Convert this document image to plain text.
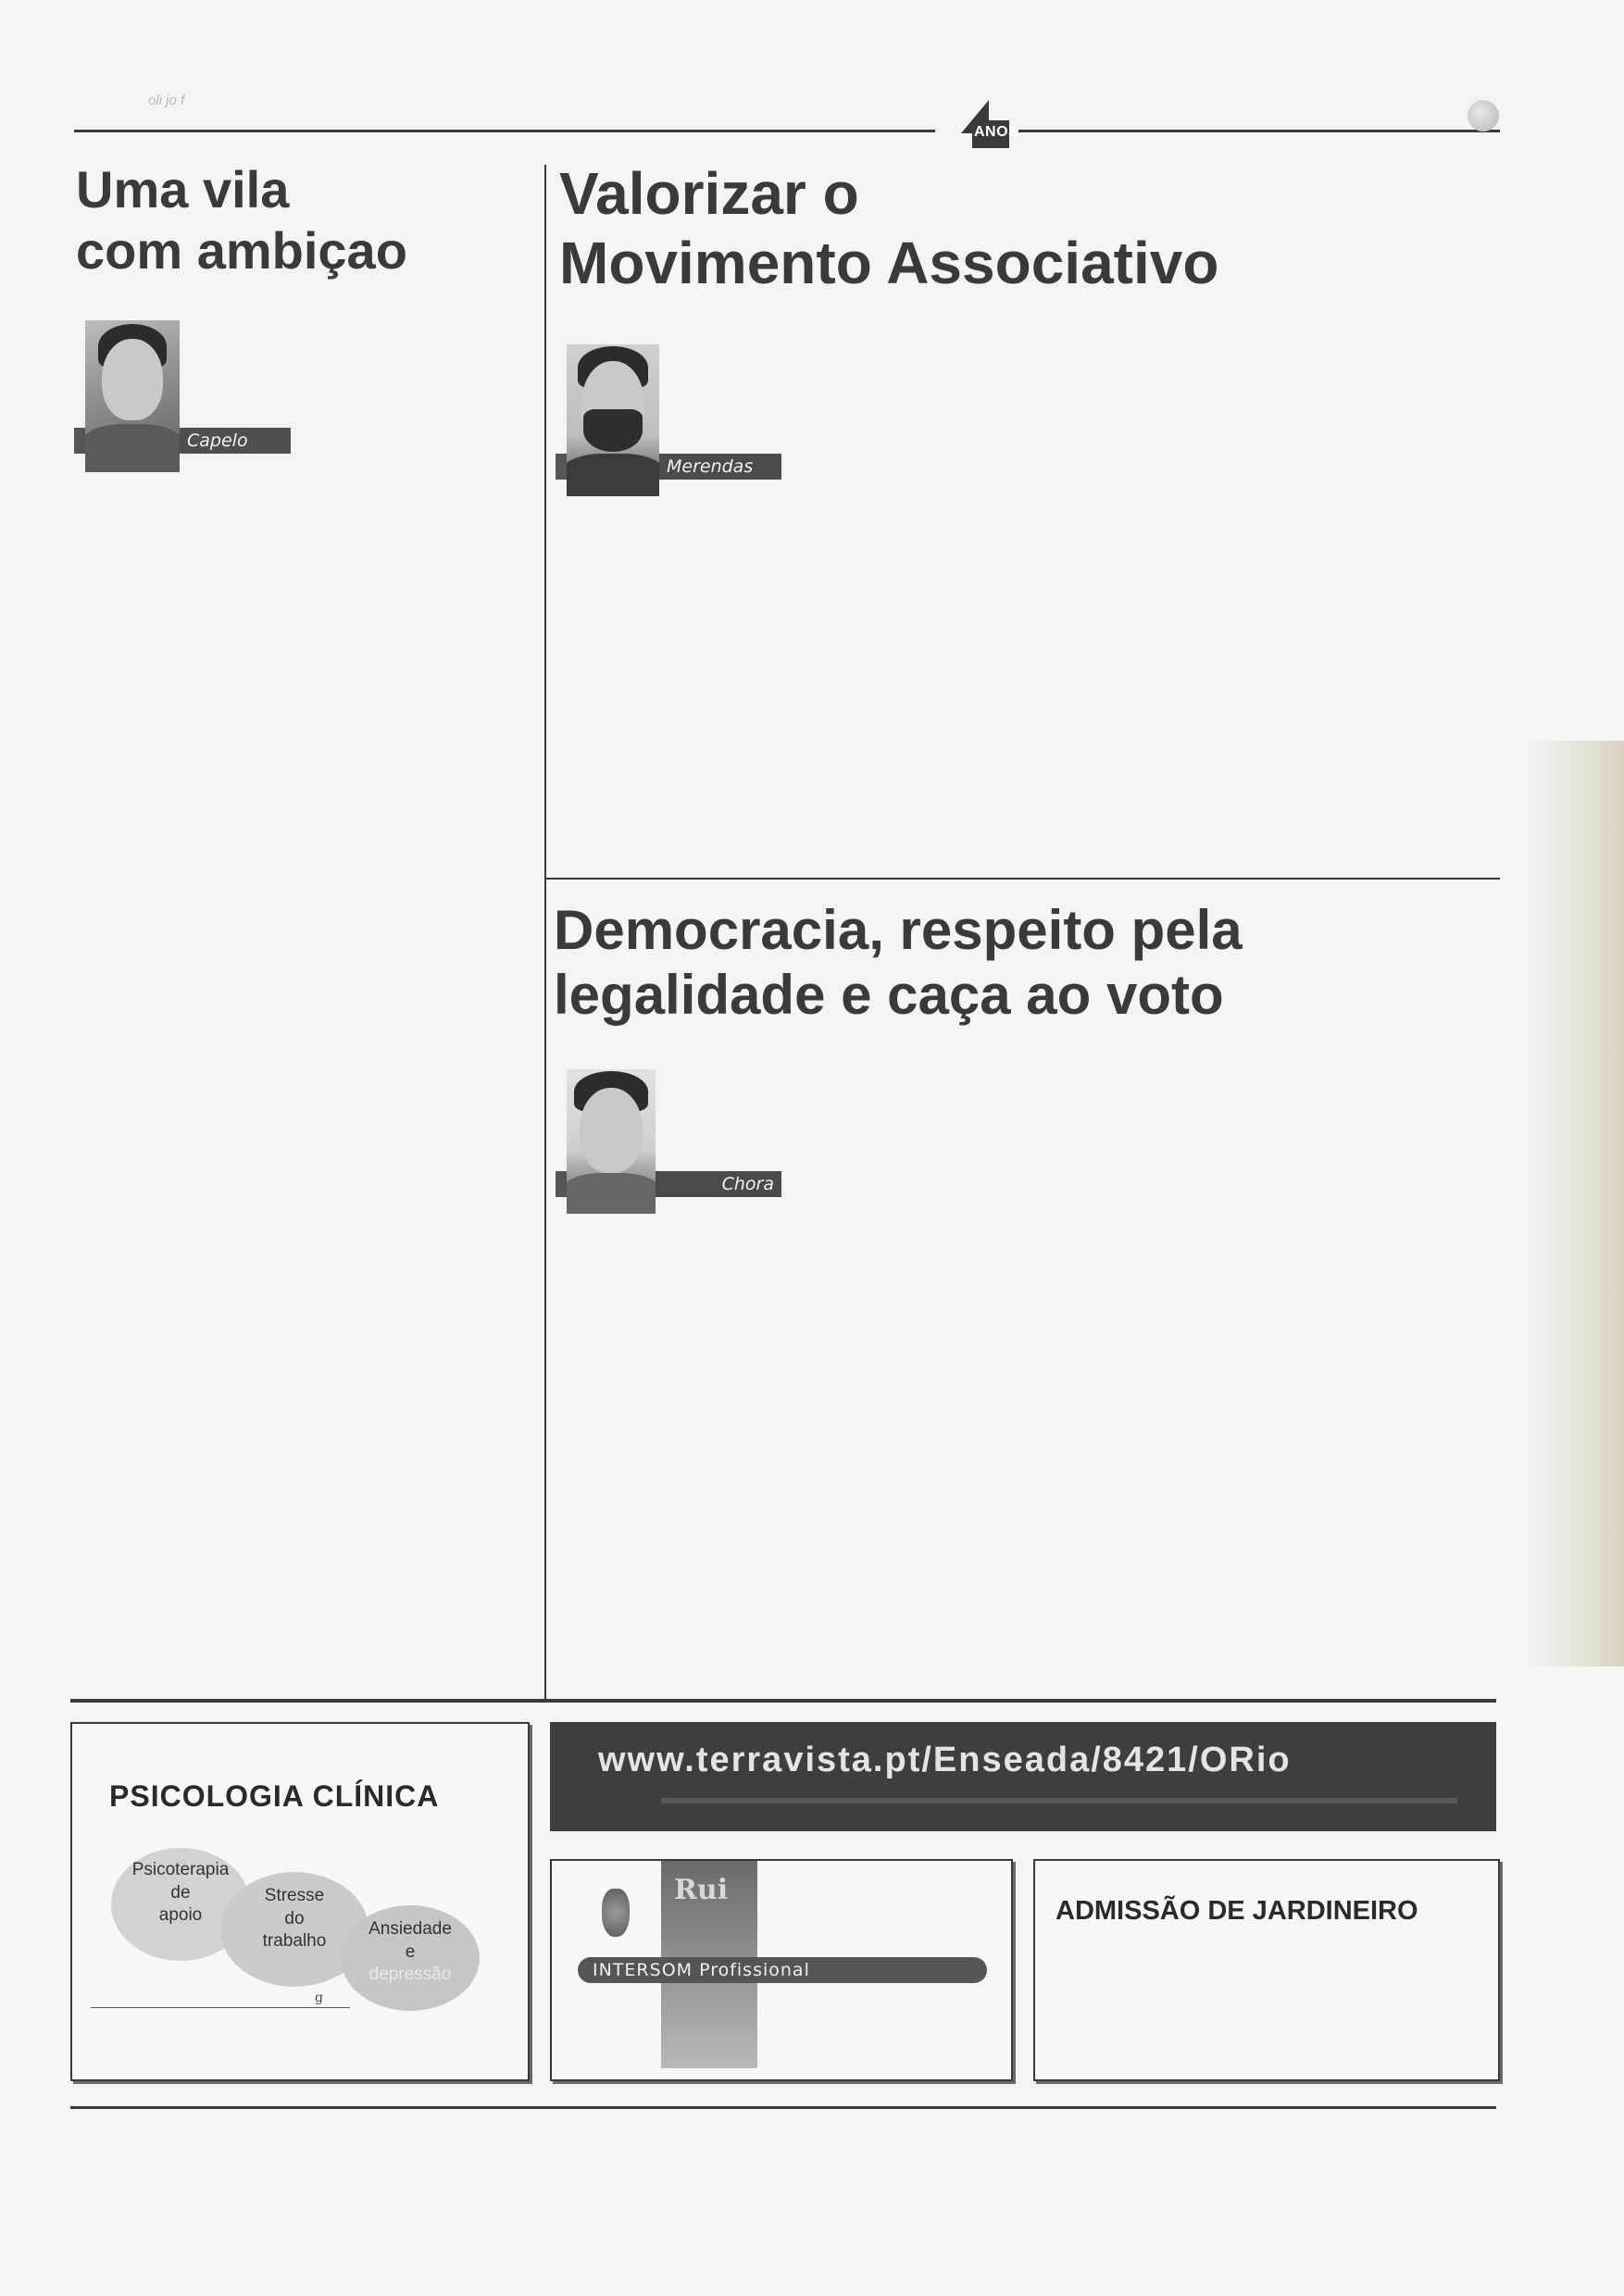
oli jo f
ANOS
Uma vila
com ambiçao
Capelo
Valorizar o
Movimento Associativo
Merendas
Democracia, respeito pela
legalidade e caça ao voto
Chora
PSICOLOGIA CLÍNICA
Psicoterapia
de
apoio
Stresse
do
trabalho
Ansiedade
e
depressão
g
www.terravista.pt/Enseada/8421/ORio
Rui
INTERSOM Profissional
ADMISSÃO DE JARDINEIRO
